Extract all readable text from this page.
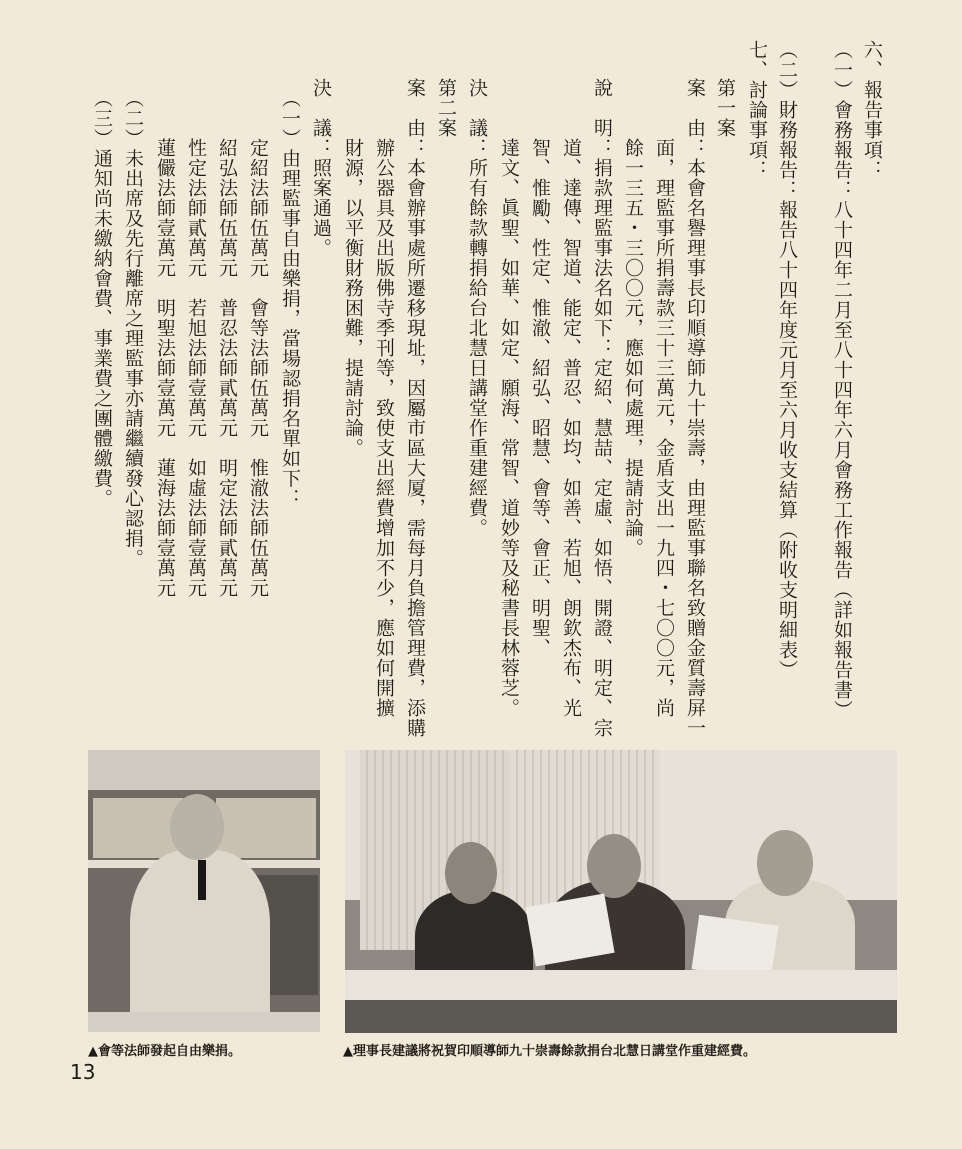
六、報告事項：
（一）會務報告：八十四年二月至八十四年六月會務工作報告（詳如報告書）
（二）財務報告：報告八十四年度元月至六月收支結算（附收支明細表）
七、討論事項：
第一案
案　由：本會名譽理事長印順導師九十崇壽，由理監事聯名致贈金質壽屏一
　　　面，理監事所捐壽款三十三萬元，金盾支出一九四・七〇〇元，尚
　　　餘一三五・三〇〇元，應如何處理，提請討論。
說　明：捐款理監事法名如下：定紹、慧喆、定虛、如悟、開證、明定、宗
　　　道、達傳、智道、能定、普忍、如均、如善、若旭、朗欽杰布、光
　　　智、惟勵、性定、惟澈、紹弘、昭慧、會等、會正、明聖、
　　　達文、眞聖、如華、如定、願海、常智、道妙等及秘書長林蓉芝。
決　議：所有餘款轉捐給台北慧日講堂作重建經費。
第二案
案　由：本會辦事處所遷移現址，因屬市區大厦，需每月負擔管理費，添購
　　　辦公器具及出版佛寺季刊等，致使支出經費增加不少，應如何開擴
　　　財源，以平衡財務困難，提請討論。
決　議：照案通過。
　（一）由理監事自由樂捐，當場認捐名單如下：
　　　定紹法師伍萬元　會等法師伍萬元　惟澈法師伍萬元
　　　紹弘法師伍萬元　普忍法師貳萬元　明定法師貳萬元
　　　性定法師貳萬元　若旭法師壹萬元　如虛法師壹萬元
　　　蓮儼法師壹萬元　明聖法師壹萬元　蓮海法師壹萬元
　（二）未出席及先行離席之理監事亦請繼續發心認捐。
　（三）通知尚未繳納會費、事業費之團體繳費。
▲會等法師發起自由樂捐。	▲理事長建議將祝賀印順導師九十崇壽餘款捐台北慧日講堂作重建經費。
13
